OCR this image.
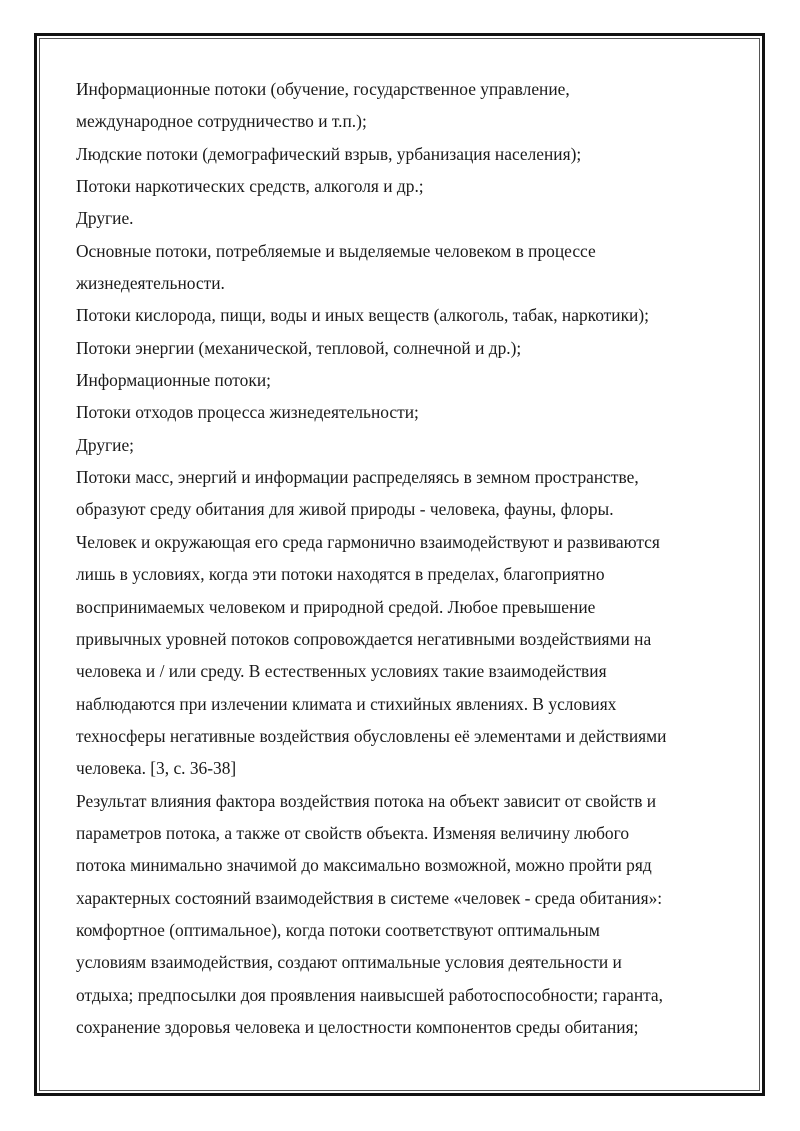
Информационные потоки (обучение, государственное управление,

международное сотрудничество и т.п.);

Людские потоки (демографический взрыв, урбанизация населения);

Потоки наркотических средств, алкоголя и др.;

Другие.

Основные потоки, потребляемые и выделяемые человеком в процессе

жизнедеятельности.

Потоки кислорода, пищи, воды и иных веществ (алкоголь, табак, наркотики);

Потоки энергии (механической, тепловой, солнечной и др.);

Информационные потоки;

Потоки отходов процесса жизнедеятельности;

Другие;

Потоки масс, энергий и информации распределяясь в земном пространстве,

образуют среду обитания для живой природы - человека, фауны, флоры.

Человек и окружающая его среда гармонично взаимодействуют и развиваются

лишь в условиях, когда эти потоки находятся в пределах, благоприятно

воспринимаемых человеком и природной средой. Любое превышение

привычных уровней потоков сопровождается негативными воздействиями на

человека и / или среду. В естественных условиях такие взаимодействия

наблюдаются при излечении климата и стихийных явлениях. В условиях

техносферы негативные воздействия обусловлены её элементами и действиями

человека. [3, с. 36-38]

Результат влияния фактора воздействия потока на объект зависит от свойств и

параметров потока, а также от свойств объекта. Изменяя величину любого

потока минимально значимой до максимально возможной, можно пройти ряд

характерных состояний взаимодействия в системе «человек - среда обитания»:

комфортное (оптимальное), когда потоки соответствуют оптимальным

условиям взаимодействия, создают оптимальные условия деятельности и

отдыха; предпосылки доя проявления наивысшей работоспособности; гаранта,

сохранение здоровья человека и целостности компонентов среды обитания;
